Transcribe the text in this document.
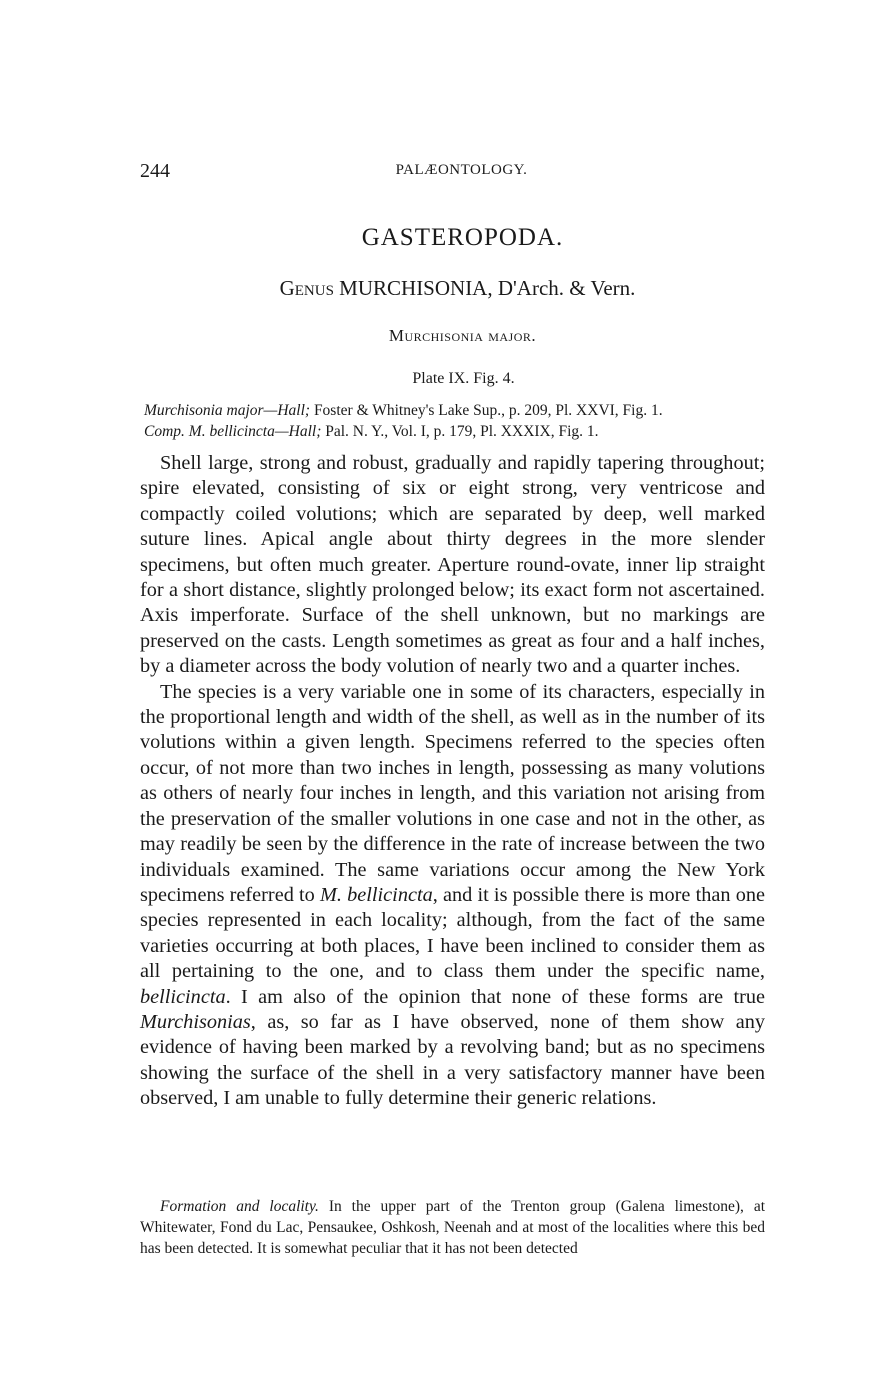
244	PALÆONTOLOGY.
GASTEROPODA.
Genus MURCHISONIA, D'Arch. & Vern.
Murchisonia major.
Plate IX. Fig. 4.
Murchisonia major—Hall; Foster & Whitney's Lake Sup., p. 209, Pl. XXVI, Fig. 1.
Comp. M. bellicincta—Hall; Pal. N. Y., Vol. I, p. 179, Pl. XXXIX, Fig. 1.

Shell large, strong and robust, gradually and rapidly tapering throughout; spire elevated, consisting of six or eight strong, very ventricose and compactly coiled volutions; which are separated by deep, well marked suture lines. Apical angle about thirty degrees in the more slender specimens, but often much greater. Aperture round-ovate, inner lip straight for a short distance, slightly prolonged below; its exact form not ascertained. Axis imperforate. Surface of the shell unknown, but no markings are preserved on the casts. Length sometimes as great as four and a half inches, by a diameter across the body volution of nearly two and a quarter inches.

The species is a very variable one in some of its characters, especially in the proportional length and width of the shell, as well as in the number of its volutions within a given length. Specimens referred to the species often occur, of not more than two inches in length, possessing as many volutions as others of nearly four inches in length, and this variation not arising from the preservation of the smaller volutions in one case and not in the other, as may readily be seen by the difference in the rate of increase between the two individuals examined. The same variations occur among the New York specimens referred to M. bellicincta, and it is possible there is more than one species represented in each locality; although, from the fact of the same varieties occurring at both places, I have been inclined to consider them as all pertaining to the one, and to class them under the specific name, bellicincta. I am also of the opinion that none of these forms are true Murchisonias, as, so far as I have observed, none of them show any evidence of having been marked by a revolving band; but as no specimens showing the surface of the shell in a very satisfactory manner have been observed, I am unable to fully determine their generic relations.

Formation and locality. In the upper part of the Trenton group (Galena limestone), at Whitewater, Fond du Lac, Pensaukee, Oshkosh, Neenah and at most of the localities where this bed has been detected. It is somewhat peculiar that it has not been detected
